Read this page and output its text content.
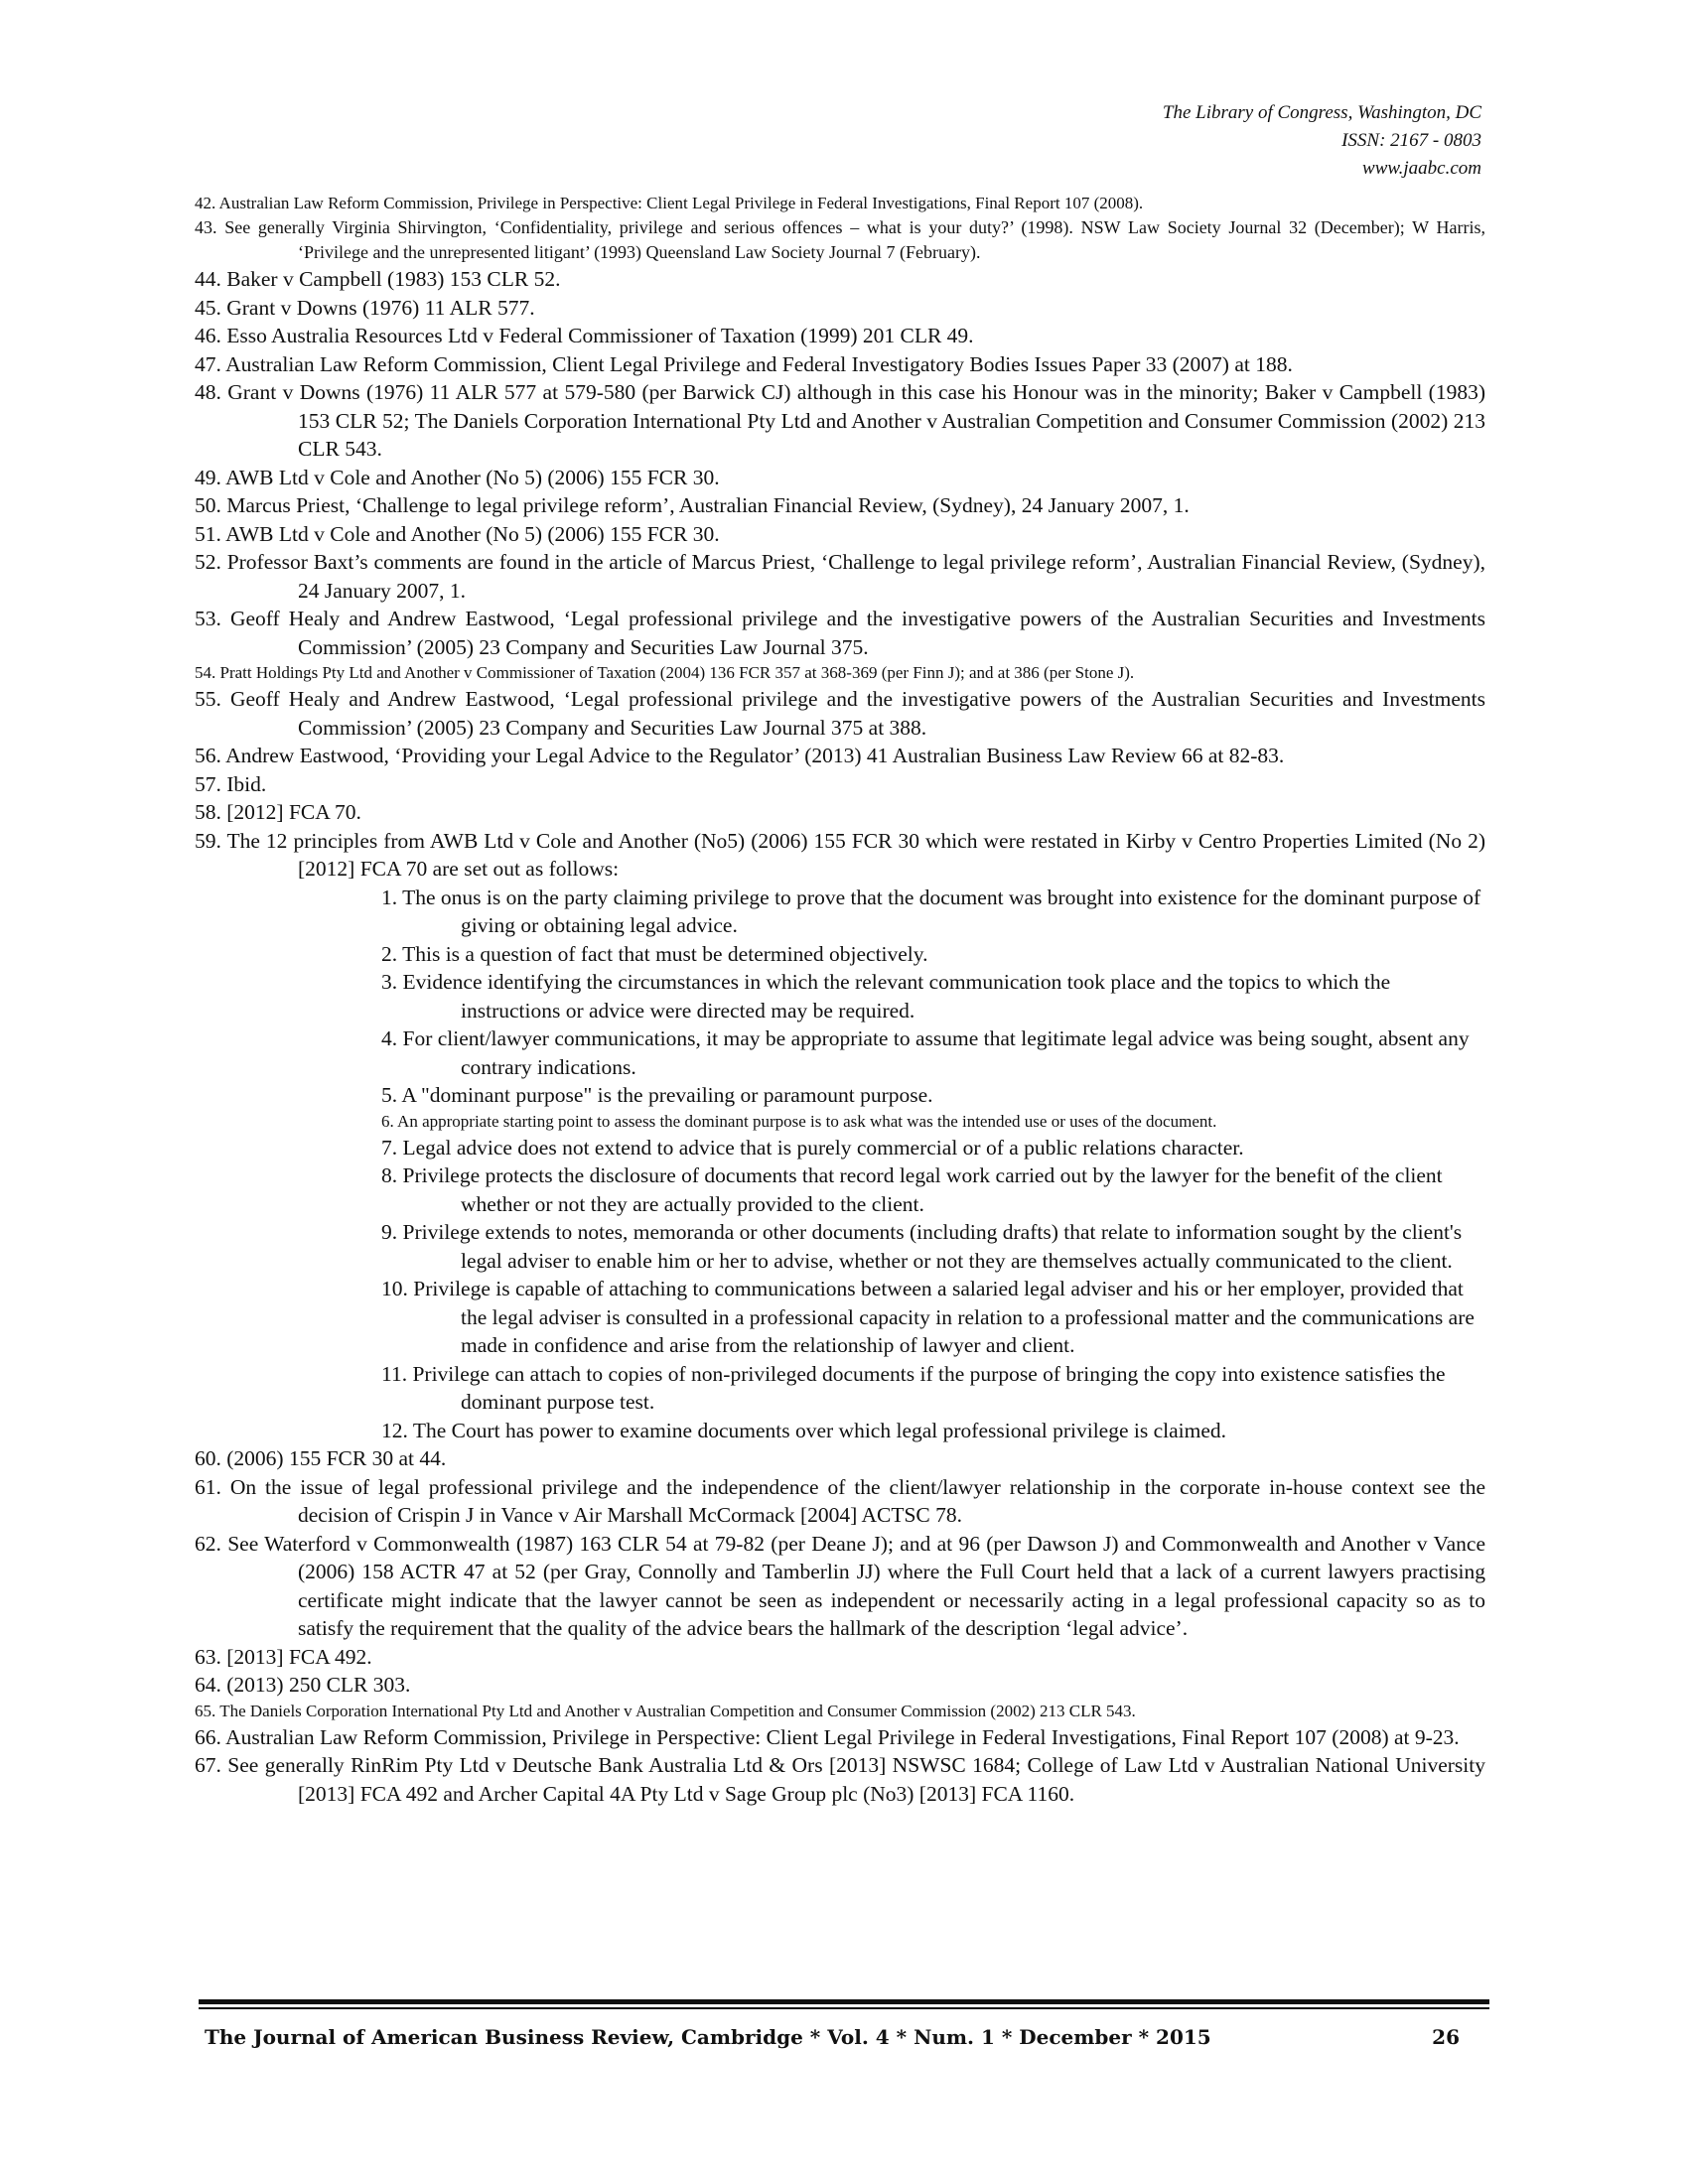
The Library of Congress, Washington, DC
ISSN: 2167 - 0803
www.jaabc.com
42. Australian Law Reform Commission, Privilege in Perspective: Client Legal Privilege in Federal Investigations, Final Report 107 (2008).
43. See generally Virginia Shirvington, ‘Confidentiality, privilege and serious offences – what is your duty?’ (1998). NSW Law Society Journal 32 (December); W Harris, ‘Privilege and the unrepresented litigant’ (1993) Queensland Law Society Journal 7 (February).
44. Baker v Campbell (1983) 153 CLR 52.
45. Grant v Downs (1976) 11 ALR 577.
46. Esso Australia Resources Ltd v Federal Commissioner of Taxation (1999) 201 CLR 49.
47. Australian Law Reform Commission, Client Legal Privilege and Federal Investigatory Bodies Issues Paper 33 (2007) at 188.
48. Grant v Downs (1976) 11 ALR 577 at 579-580 (per Barwick CJ) although in this case his Honour was in the minority; Baker v Campbell (1983) 153 CLR 52; The Daniels Corporation International Pty Ltd and Another v Australian Competition and Consumer Commission (2002) 213 CLR 543.
49. AWB Ltd v Cole and Another (No 5) (2006) 155 FCR 30.
50. Marcus Priest, ‘Challenge to legal privilege reform’, Australian Financial Review, (Sydney), 24 January 2007, 1.
51. AWB Ltd v Cole and Another (No 5) (2006) 155 FCR 30.
52. Professor Baxt’s comments are found in the article of Marcus Priest, ‘Challenge to legal privilege reform’, Australian Financial Review, (Sydney), 24 January 2007, 1.
53. Geoff Healy and Andrew Eastwood, ‘Legal professional privilege and the investigative powers of the Australian Securities and Investments Commission’ (2005) 23 Company and Securities Law Journal 375.
54. Pratt Holdings Pty Ltd and Another v Commissioner of Taxation (2004) 136 FCR 357 at 368-369 (per Finn J); and at 386 (per Stone J).
55. Geoff Healy and Andrew Eastwood, ‘Legal professional privilege and the investigative powers of the Australian Securities and Investments Commission’ (2005) 23 Company and Securities Law Journal 375 at 388.
56. Andrew Eastwood, ‘Providing your Legal Advice to the Regulator’ (2013) 41 Australian Business Law Review 66 at 82-83.
57. Ibid.
58. [2012] FCA 70.
59. The 12 principles from AWB Ltd v Cole and Another (No5) (2006) 155 FCR 30 which were restated in Kirby v Centro Properties Limited (No 2) [2012] FCA 70 are set out as follows:
1. The onus is on the party claiming privilege to prove that the document was brought into existence for the dominant purpose of giving or obtaining legal advice.
2. This is a question of fact that must be determined objectively.
3. Evidence identifying the circumstances in which the relevant communication took place and the topics to which the instructions or advice were directed may be required.
4. For client/lawyer communications, it may be appropriate to assume that legitimate legal advice was being sought, absent any contrary indications.
5. A "dominant purpose" is the prevailing or paramount purpose.
6. An appropriate starting point to assess the dominant purpose is to ask what was the intended use or uses of the document.
7. Legal advice does not extend to advice that is purely commercial or of a public relations character.
8. Privilege protects the disclosure of documents that record legal work carried out by the lawyer for the benefit of the client whether or not they are actually provided to the client.
9. Privilege extends to notes, memoranda or other documents (including drafts) that relate to information sought by the client's legal adviser to enable him or her to advise, whether or not they are themselves actually communicated to the client.
10. Privilege is capable of attaching to communications between a salaried legal adviser and his or her employer, provided that the legal adviser is consulted in a professional capacity in relation to a professional matter and the communications are made in confidence and arise from the relationship of lawyer and client.
11. Privilege can attach to copies of non-privileged documents if the purpose of bringing the copy into existence satisfies the dominant purpose test.
12. The Court has power to examine documents over which legal professional privilege is claimed.
60. (2006) 155 FCR 30 at 44.
61. On the issue of legal professional privilege and the independence of the client/lawyer relationship in the corporate in-house context see the decision of Crispin J in Vance v Air Marshall McCormack [2004] ACTSC 78.
62. See Waterford v Commonwealth (1987) 163 CLR 54 at 79-82 (per Deane J); and at 96 (per Dawson J) and Commonwealth and Another v Vance (2006) 158 ACTR 47 at 52 (per Gray, Connolly and Tamberlin JJ) where the Full Court held that a lack of a current lawyers practising certificate might indicate that the lawyer cannot be seen as independent or necessarily acting in a legal professional capacity so as to satisfy the requirement that the quality of the advice bears the hallmark of the description ‘legal advice’.
63. [2013] FCA 492.
64. (2013) 250 CLR 303.
65. The Daniels Corporation International Pty Ltd and Another v Australian Competition and Consumer Commission (2002) 213 CLR 543.
66. Australian Law Reform Commission, Privilege in Perspective: Client Legal Privilege in Federal Investigations, Final Report 107 (2008) at 9-23.
67. See generally RinRim Pty Ltd v Deutsche Bank Australia Ltd & Ors [2013] NSWSC 1684; College of Law Ltd v Australian National University [2013] FCA 492 and Archer Capital 4A Pty Ltd v Sage Group plc (No3) [2013] FCA 1160.
The Journal of American Business Review, Cambridge * Vol. 4 * Num. 1 * December * 2015	26
